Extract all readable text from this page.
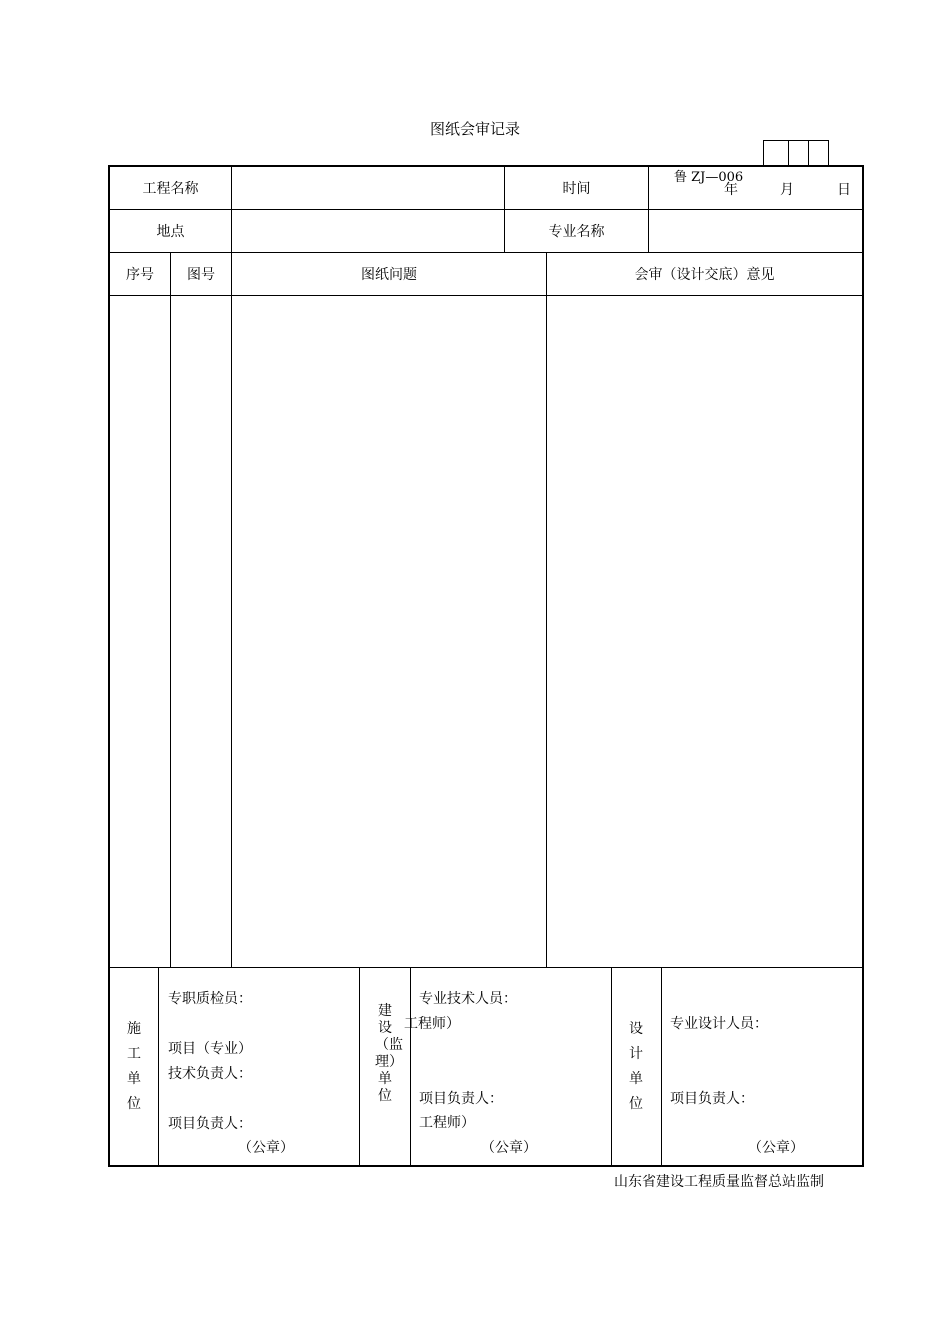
图纸会审记录
鲁 ZJ—006
工程名称	时间	年	月	日
地点	专业名称
序号	图号	图纸问题	会审（设计交底）意见
施工单位
专职质检员：
项目（专业）
技术负责人：
项目负责人：
（公章）
建设（监理）单位
专业技术人员：
工程师）
项目负责人：
工程师）
（公章）
设计单位
专业设计人员：
项目负责人：
（公章）
山东省建设工程质量监督总站监制
